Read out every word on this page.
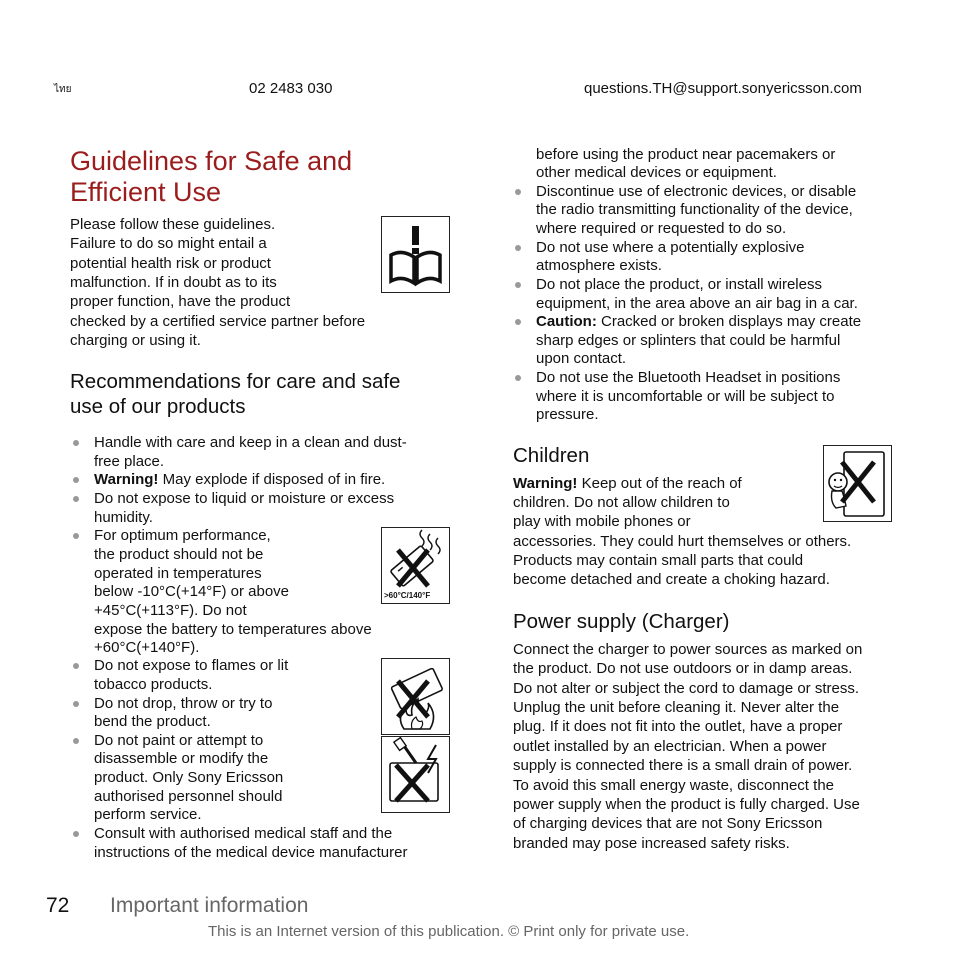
ไทย	02 2483 030	questions.TH@support.sonyericsson.com
Guidelines for Safe and
Efficient Use
Please follow these guidelines.
Failure to do so might entail a
potential health risk or product
malfunction. If in doubt as to its
proper function, have the product
checked by a certified service partner before
charging or using it.
Recommendations for care and safe
use of our products
Handle with care and keep in a clean and dust-
free place.
Warning! May explode if disposed of in fire.
Do not expose to liquid or moisture or excess
humidity.
For optimum performance,
the product should not be
operated in temperatures
below -10°C(+14°F) or above
+45°C(+113°F). Do not
expose the battery to temperatures above
+60°C(+140°F).
>60°C/140°F
Do not expose to flames or lit
tobacco products.
Do not drop, throw or try to
bend the product.
Do not paint or attempt to
disassemble or modify the
product. Only Sony Ericsson
authorised personnel should
perform service.
Consult with authorised medical staff and the
instructions of the medical device manufacturer
before using the product near pacemakers or
other medical devices or equipment.
Discontinue use of electronic devices, or disable
the radio transmitting functionality of the device,
where required or requested to do so.
Do not use where a potentially explosive
atmosphere exists.
Do not place the product, or install wireless
equipment, in the area above an air bag in a car.
Caution: Cracked or broken displays may create
sharp edges or splinters that could be harmful
upon contact.
Do not use the Bluetooth Headset in positions
where it is uncomfortable or will be subject to
pressure.
Children
Warning! Keep out of the reach of
children. Do not allow children to
play with mobile phones or
accessories. They could hurt themselves or others.
Products may contain small parts that could
become detached and create a choking hazard.
Power supply (Charger)
Connect the charger to power sources as marked on
the product. Do not use outdoors or in damp areas.
Do not alter or subject the cord to damage or stress.
Unplug the unit before cleaning it. Never alter the
plug. If it does not fit into the outlet, have a proper
outlet installed by an electrician. When a power
supply is connected there is a small drain of power.
To avoid this small energy waste, disconnect the
power supply when the product is fully charged. Use
of charging devices that are not Sony Ericsson
branded may pose increased safety risks.
72 Important information
This is an Internet version of this publication. © Print only for private use.
